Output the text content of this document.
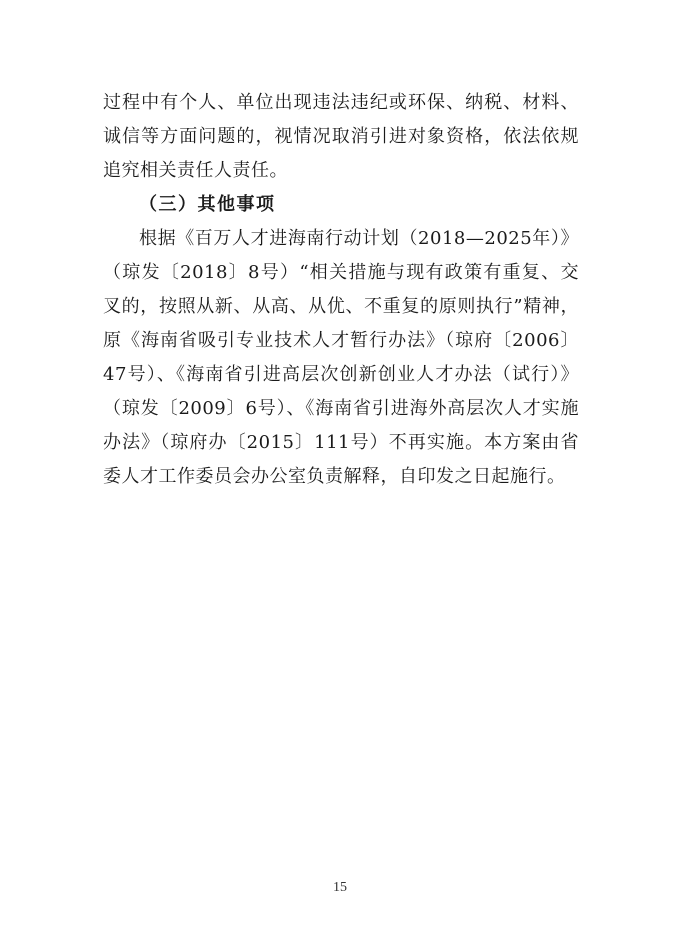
过程中有个人、单位出现违法违纪或环保、纳税、材料、诚信等方面问题的，视情况取消引进对象资格，依法依规追究相关责任人责任。

（三）其他事项

根据《百万人才进海南行动计划（2018—2025年）》（琼发〔2018〕8号）“相关措施与现有政策有重复、交叉的，按照从新、从高、从优、不重复的原则执行”精神，原《海南省吸引专业技术人才暂行办法》（琼府〔2006〕47号）、《海南省引进高层次创新创业人才办法（试行）》（琼发〔2009〕6号）、《海南省引进海外高层次人才实施办法》（琼府办〔2015〕111号）不再实施。本方案由省委人才工作委员会办公室负责解释，自印发之日起施行。

15
